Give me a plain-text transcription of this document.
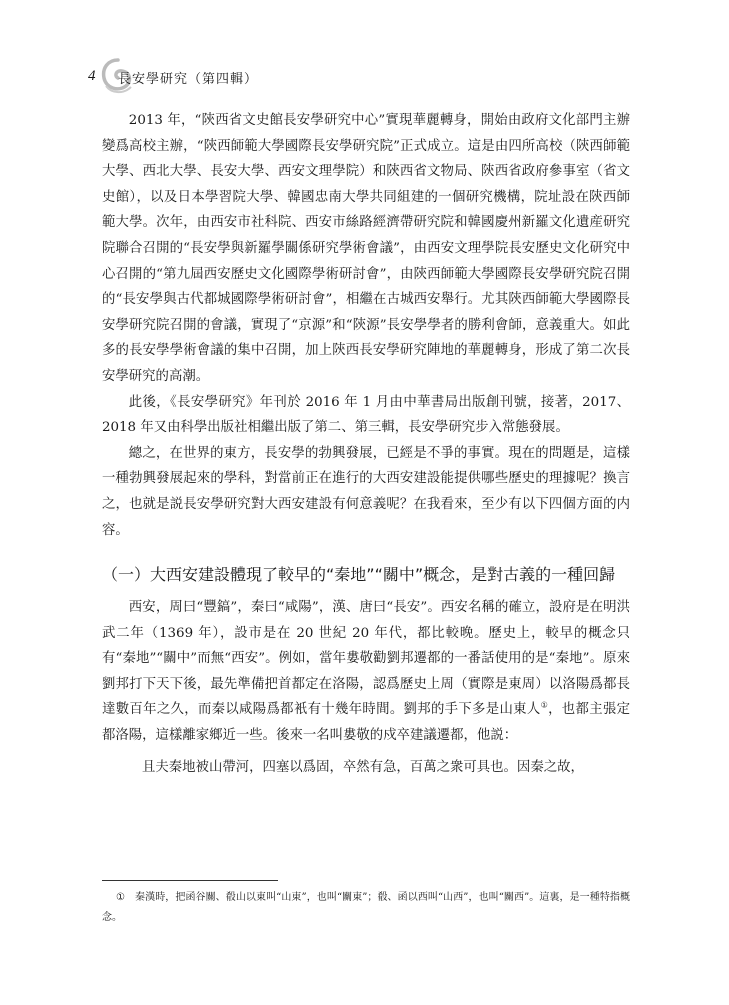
4 長安學研究（第四輯）

2013 年，“陝西省文史館長安學研究中心”實現華麗轉身，開始由政府文化部門主辦變爲高校主辦，“陝西師範大學國際長安學研究院”正式成立。這是由四所高校（陝西師範大學、西北大學、長安大學、西安文理學院）和陝西省文物局、陝西省政府參事室（省文史館），以及日本學習院大學、韓國忠南大學共同組建的一個研究機構，院址設在陝西師範大學。次年，由西安市社科院、西安市絲路經濟帶研究院和韓國慶州新羅文化遺産研究院聯合召開的“長安學與新羅學關係研究學術會議”，由西安文理學院長安歷史文化研究中心召開的“第九屆西安歷史文化國際學術研討會”，由陝西師範大學國際長安學研究院召開的“長安學與古代都城國際學術研討會”，相繼在古城西安舉行。尤其陝西師範大學國際長安學研究院召開的會議，實現了“京源”和“陝源”長安學學者的勝利會師，意義重大。如此多的長安學學術會議的集中召開，加上陝西長安學研究陣地的華麗轉身，形成了第二次長安學研究的高潮。

此後，《長安學研究》年刊於 2016 年 1 月由中華書局出版創刊號，接著，2017、2018 年又由科學出版社相繼出版了第二、第三輯，長安學研究步入常態發展。

總之，在世界的東方，長安學的勃興發展，已經是不爭的事實。現在的問題是，這樣一種勃興發展起來的學科，對當前正在進行的大西安建設能提供哪些歷史的理據呢？換言之，也就是説長安學研究對大西安建設有何意義呢？在我看來，至少有以下四個方面的内容。

（一）大西安建設體現了較早的“秦地”“關中”概念，是對古義的一種回歸

西安，周曰“豐鎬”，秦曰“咸陽”，漢、唐曰“長安”。西安名稱的確立，設府是在明洪武二年（1369 年），設市是在 20 世紀 20 年代，都比較晚。歷史上，較早的概念只有“秦地”“關中”而無“西安”。例如，當年婁敬勸劉邦遷都的一番話使用的是“秦地”。原來劉邦打下天下後，最先準備把首都定在洛陽，認爲歷史上周（實際是東周）以洛陽爲都長達數百年之久，而秦以咸陽爲都衹有十幾年時間。劉邦的手下多是山東人①，也都主張定都洛陽，這樣離家鄉近一些。後來一名叫婁敬的戍卒建議遷都，他説：

且夫秦地被山帶河，四塞以爲固，卒然有急，百萬之衆可具也。因秦之故，
① 秦漢時，把函谷關、殽山以東叫“山東”，也叫“關東”；殽、函以西叫“山西”，也叫“關西”。這裏，是一種特指概念。
